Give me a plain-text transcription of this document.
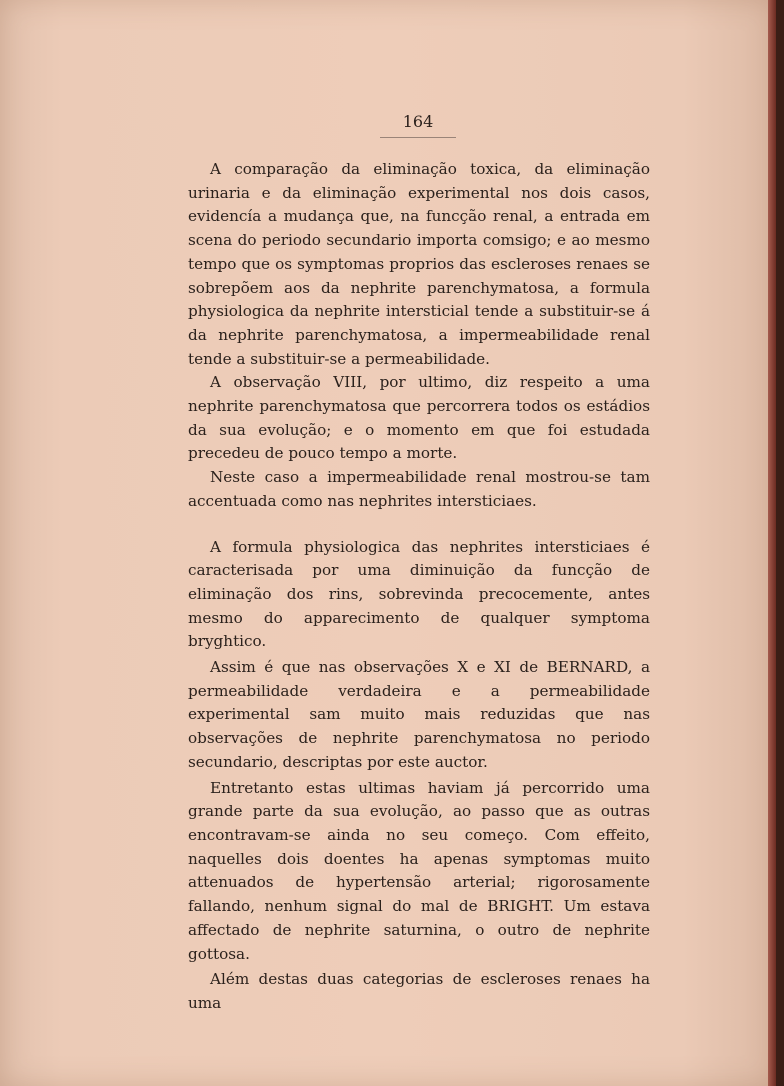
164

A comparação da eliminação toxica, da eliminação urinaria e da eliminação experimental nos dois casos, evidencía a mudança que, na funcção renal, a entrada em scena do periodo secundario importa comsigo; e ao mesmo tempo que os symptomas proprios das escleroses renaes se sobrepõem aos da nephrite parenchymatosa, a formula physiologica da nephrite intersticial tende a substituir-se á da nephrite parenchymatosa, a impermeabilidade renal tende a substituir-se a permeabilidade.

A observação VIII, por ultimo, diz respeito a uma nephrite parenchymatosa que percorrera todos os estádios da sua evolução; e o momento em que foi estudada precedeu de pouco tempo a morte.

Neste caso a impermeabilidade renal mostrou-se tam accentuada como nas nephrites intersticiaes.

A formula physiologica das nephrites intersticiaes é caracterisada por uma diminuição da funcção de eliminação dos rins, sobrevinda precocemente, antes mesmo do apparecimento de qualquer symptoma bryghtico.

Assim é que nas observações X e XI de BERNARD, a permeabilidade verdadeira e a permeabilidade experimental sam muito mais reduzidas que nas observações de nephrite parenchymatosa no periodo secundario, descriptas por este auctor.

Entretanto estas ultimas haviam já percorrido uma grande parte da sua evolução, ao passo que as outras encontravam-se ainda no seu começo. Com effeito, naquelles dois doentes ha apenas symptomas muito attenuados de hypertensão arterial; rigorosamente fallando, nenhum signal do mal de BRIGHT. Um estava affectado de nephrite saturnina, o outro de nephrite gottosa.

Além destas duas categorias de escleroses renaes ha uma
